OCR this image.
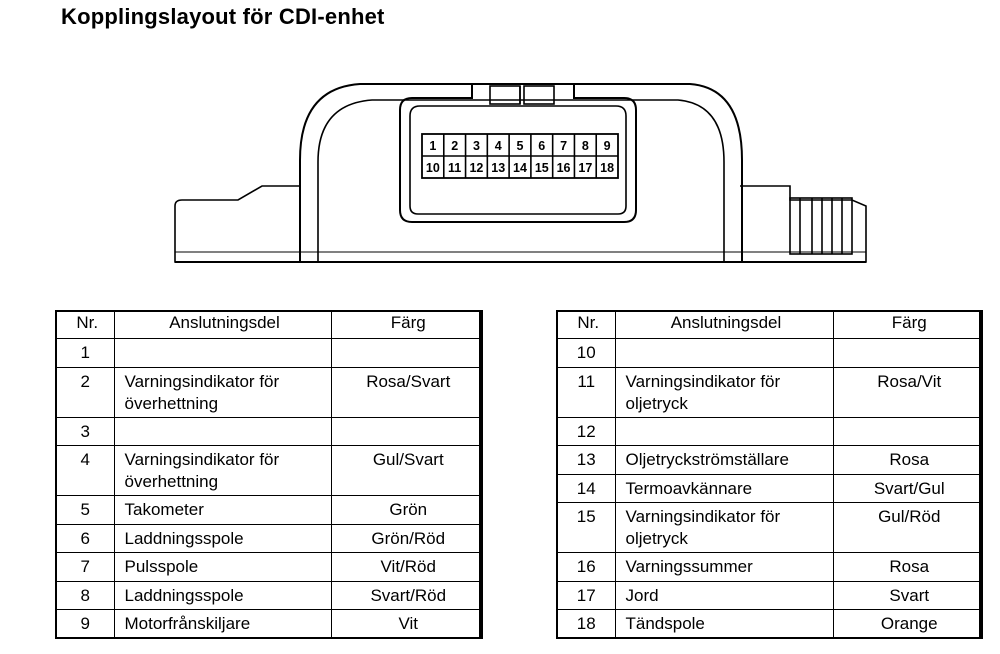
Kopplingslayout för CDI-enhet
1 2 3 4 5 6 7 8 9
10 11 12 13 14 15 16 17 18
Nr.	Anslutningsdel	Färg
1		
2	Varningsindikator för överhettning	Rosa/Svart
3		
4	Varningsindikator för överhettning	Gul/Svart
5	Takometer	Grön
6	Laddningsspole	Grön/Röd
7	Pulsspole	Vit/Röd
8	Laddningsspole	Svart/Röd
9	Motorfrånskiljare	Vit
Nr.	Anslutningsdel	Färg
10		
11	Varningsindikator för oljetryck	Rosa/Vit
12		
13	Oljetryckströmställare	Rosa
14	Termoavkännare	Svart/Gul
15	Varningsindikator för oljetryck	Gul/Röd
16	Varningssummer	Rosa
17	Jord	Svart
18	Tändspole	Orange
